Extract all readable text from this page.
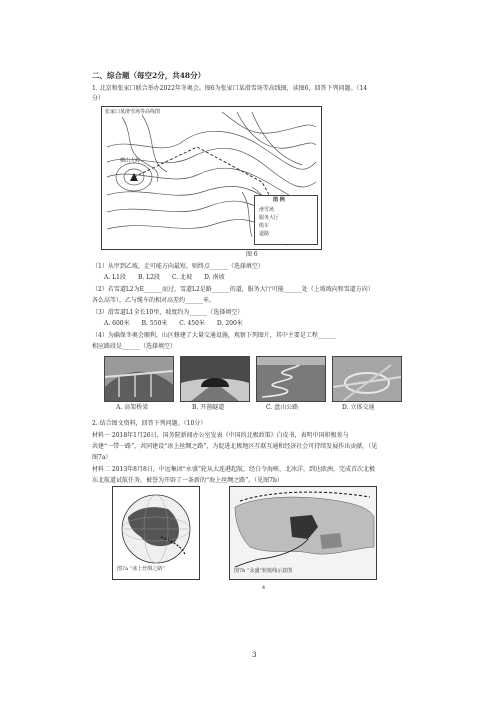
二、综合题（每空2分，共48分）
1. 北京和张家口联合举办2022年冬奥会。图6为张家口某滑雪场等高线图，读图6，回答下列问题。（14
分）
张家口某滑雪场等高线图
横山大岭
图 例
滑雪场
服务大厅
缆车
道路
图 6
（1）从甲到乙坡，走可能方向最短，则终点______（选择填空）
A. L1段　　B. L2段　　C. 北坡　　D. 南坡
（2）若雪道L2为E______而过，雪道L2是路______的道，服务大厅可能______处（上坡坡向和雪道方向）
各么高等），乙与缆车的相对高差约______米。
（3）滑雪道L1全长10里，坡度约为______（选择填空）
A. 600米　　B. 550米　　C. 450米　　D. 200米
（4）为确保冬奥会顺利，山区修建了大量交通设施，观察下列图片，其中主要是工程______
相应路段是______（选择填空）
A. 高架桥梁	B. 开凿隧道	C. 盘山公路	D. 立体交通
2. 结合图文资料，回答下列问题。（10分）
材料一 2018年1月26日，国务院新闻办公室发表《中国的北极政策》白皮书，表明中国积极参与
共建“一带一路”，共同建设“冰上丝绸之路”，为促进北极地区互联互通和经济社会可持续发展作出贡献。（见
图7a）
材料二 2013年8月8日，中远集团“永盛”轮从大连港起航，经白令海峡、北冰洋，到达欧洲，完成首次北极
东北航道试航任务，被誉为开辟了一条新的“海上丝绸之路”。（见图7b）
图7a “冰上丝绸之路”	图7b “永盛”轮航线示意图
4
3
